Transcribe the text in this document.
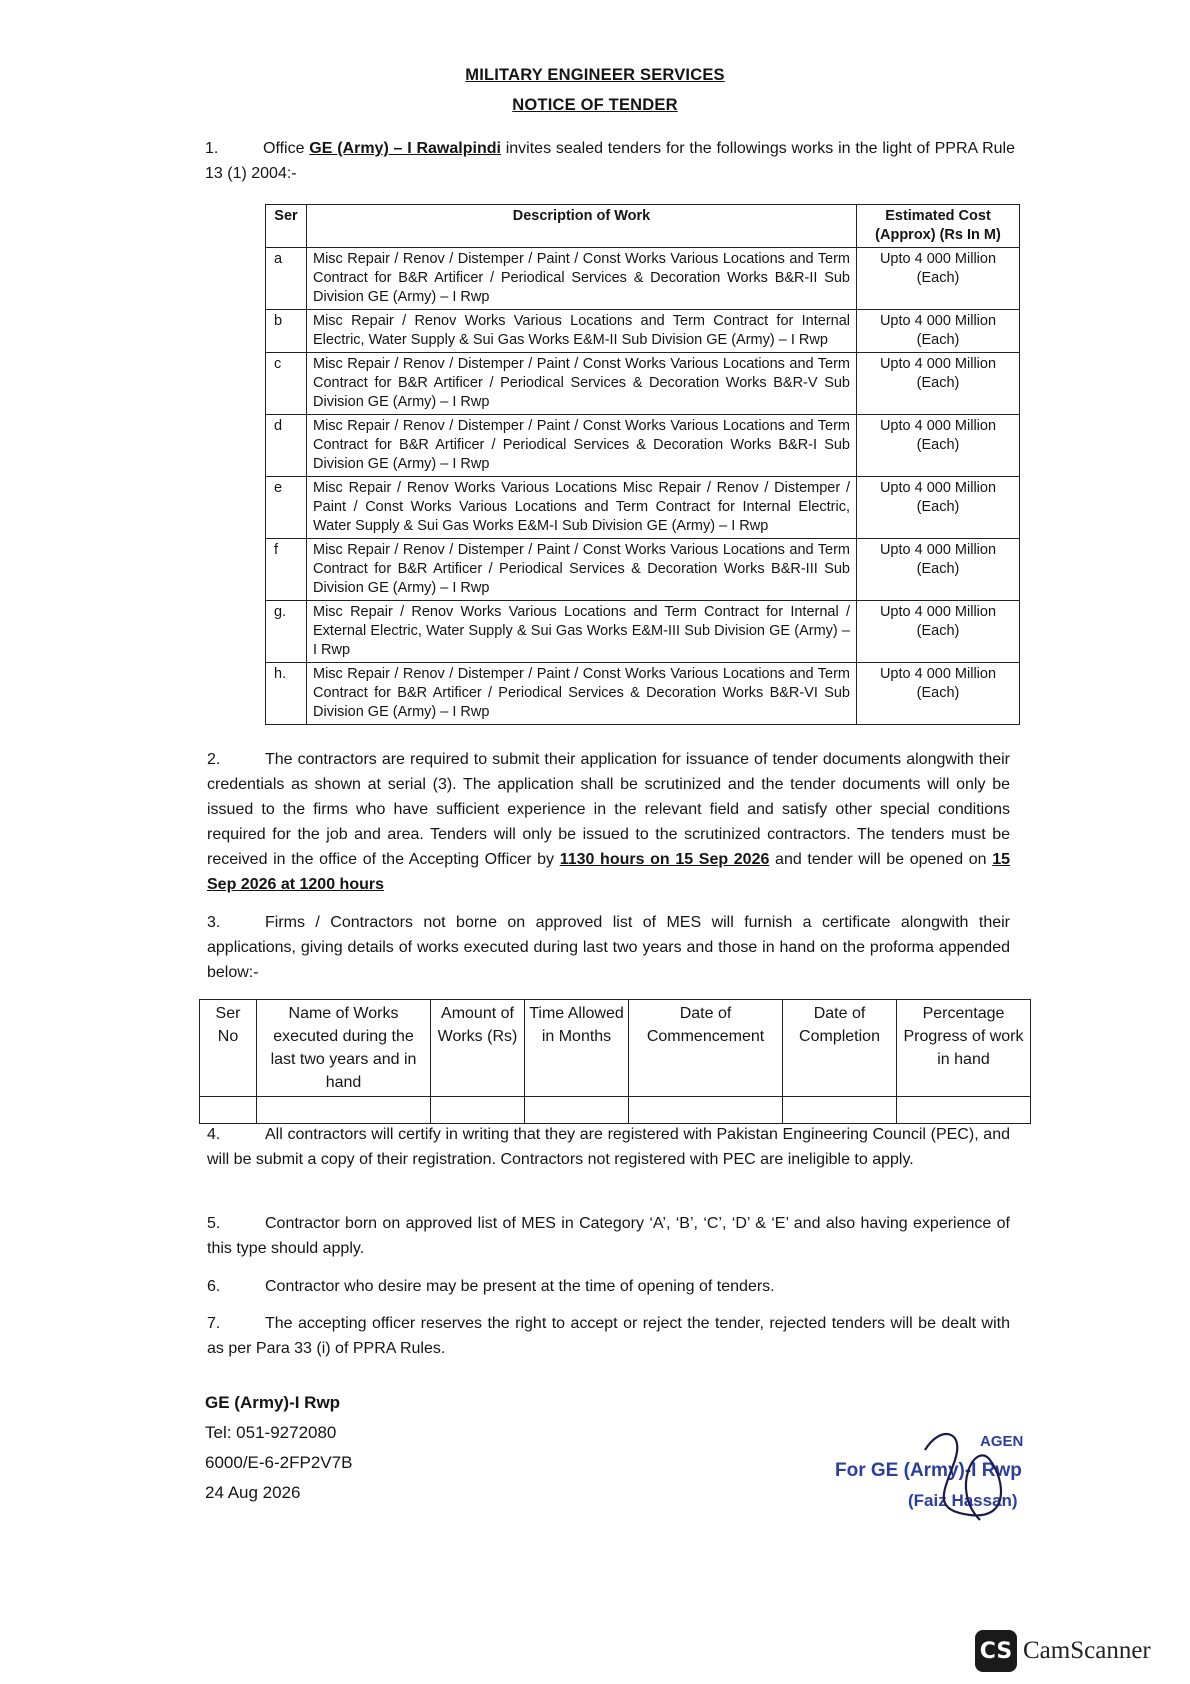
MILITARY ENGINEER SERVICES
NOTICE OF TENDER
1.	Office GE (Army) – I Rawalpindi invites sealed tenders for the followings works in the light of PPRA Rule 13 (1) 2004:-
Ser	Description of Work	Estimated Cost (Approx) (Rs In M)
a	Misc Repair / Renov / Distemper / Paint / Const Works Various Locations and Term Contract for B&R Artificer / Periodical Services & Decoration Works B&R-II Sub Division GE (Army) – I Rwp	Upto 4 000 Million (Each)
b	Misc Repair / Renov Works Various Locations and Term Contract for Internal Electric, Water Supply & Sui Gas Works E&M-II Sub Division GE (Army) – I Rwp	Upto 4 000 Million (Each)
c	Misc Repair / Renov / Distemper / Paint / Const Works Various Locations and Term Contract for B&R Artificer / Periodical Services & Decoration Works B&R-V Sub Division GE (Army) – I Rwp	Upto 4 000 Million (Each)
d	Misc Repair / Renov / Distemper / Paint / Const Works Various Locations and Term Contract for B&R Artificer / Periodical Services & Decoration Works B&R-I Sub Division GE (Army) – I Rwp	Upto 4 000 Million (Each)
e	Misc Repair / Renov Works Various Locations Misc Repair / Renov / Distemper / Paint / Const Works Various Locations and Term Contract for Internal Electric, Water Supply & Sui Gas Works E&M-I Sub Division GE (Army) – I Rwp	Upto 4 000 Million (Each)
f	Misc Repair / Renov / Distemper / Paint / Const Works Various Locations and Term Contract for B&R Artificer / Periodical Services & Decoration Works B&R-III Sub Division GE (Army) – I Rwp	Upto 4 000 Million (Each)
g.	Misc Repair / Renov Works Various Locations and Term Contract for Internal / External Electric, Water Supply & Sui Gas Works E&M-III Sub Division GE (Army) – I Rwp	Upto 4 000 Million (Each)
h.	Misc Repair / Renov / Distemper / Paint / Const Works Various Locations and Term Contract for B&R Artificer / Periodical Services & Decoration Works B&R-VI Sub Division GE (Army) – I Rwp	Upto 4 000 Million (Each)
2.	The contractors are required to submit their application for issuance of tender documents alongwith their credentials as shown at serial (3). The application shall be scrutinized and the tender documents will only be issued to the firms who have sufficient experience in the relevant field and satisfy other special conditions required for the job and area. Tenders will only be issued to the scrutinized contractors. The tenders must be received in the office of the Accepting Officer by 1130 hours on 15 Sep 2026 and tender will be opened on 15 Sep 2026 at 1200 hours
3.	Firms / Contractors not borne on approved list of MES will furnish a certificate alongwith their applications, giving details of works executed during last two years and those in hand on the proforma appended below:-
Ser No	Name of Works executed during the last two years and in hand	Amount of Works (Rs)	Time Allowed in Months	Date of Commencement	Date of Completion	Percentage Progress of work in hand

4.	All contractors will certify in writing that they are registered with Pakistan Engineering Council (PEC), and will be submit a copy of their registration. Contractors not registered with PEC are ineligible to apply.
5.	Contractor born on approved list of MES in Category ‘A’, ‘B’, ‘C’, ‘D’ & ‘E’ and also having experience of this type should apply.
6.	Contractor who desire may be present at the time of opening of tenders.
7.	The accepting officer reserves the right to accept or reject the tender, rejected tenders will be dealt with as per Para 33 (i) of PPRA Rules.
GE (Army)-I Rwp
Tel: 051-9272080
6000/E-6-2FP2V7B
24 Aug 2026
AGEN
For GE (Army)-I Rwp
(Faiz Hassan)
CS CamScanner
